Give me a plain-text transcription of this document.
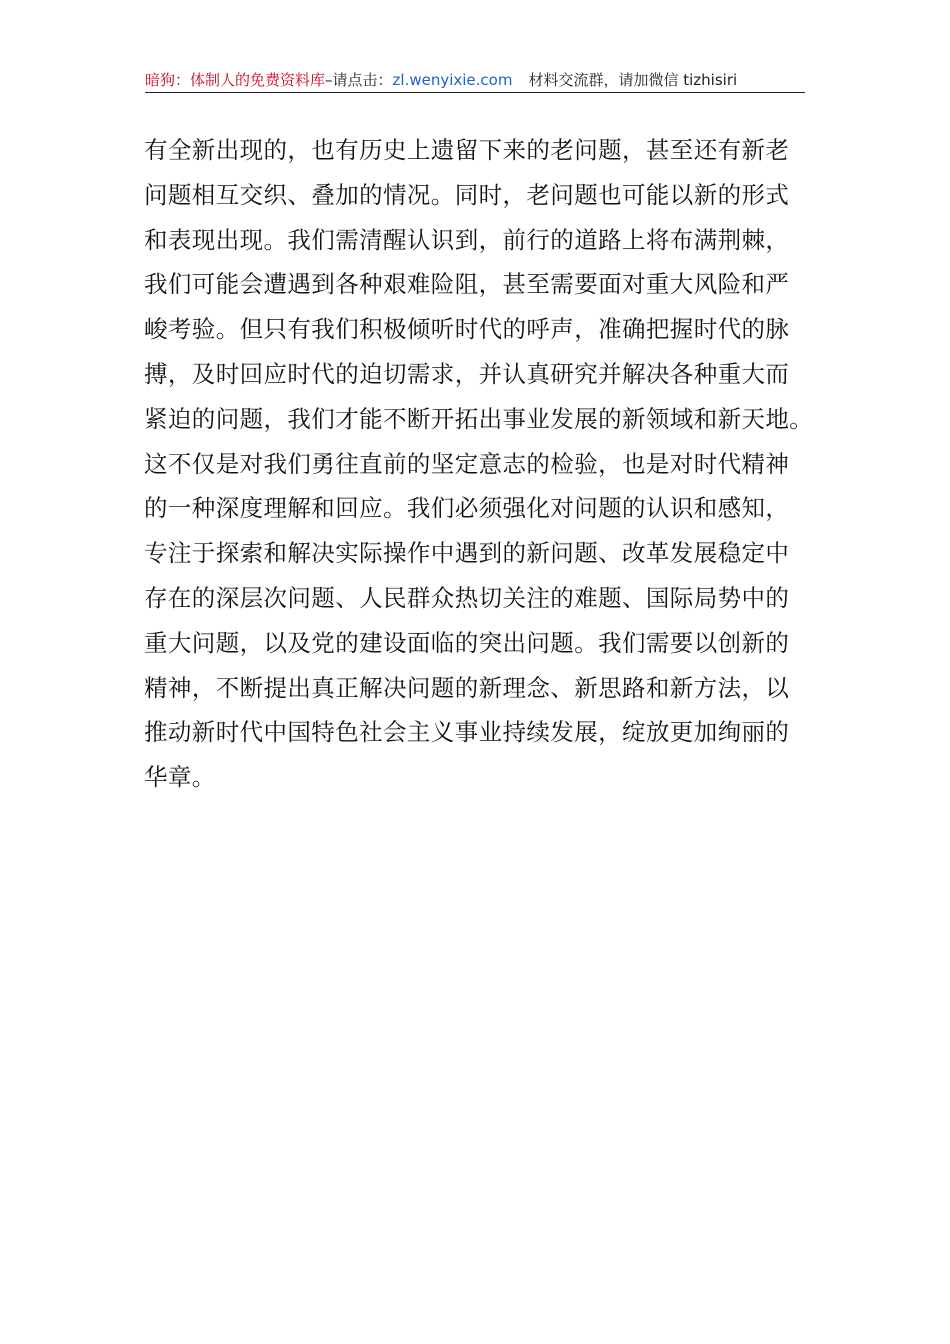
暗狗：体制人的免费资料库–请点击：zl.wenyixie.com 材料交流群，请加微信 tizhisiri
有全新出现的，也有历史上遗留下来的老问题，甚至还有新老
问题相互交织、叠加的情况。同时，老问题也可能以新的形式
和表现出现。我们需清醒认识到，前行的道路上将布满荆棘，
我们可能会遭遇到各种艰难险阻，甚至需要面对重大风险和严
峻考验。但只有我们积极倾听时代的呼声，准确把握时代的脉
搏，及时回应时代的迫切需求，并认真研究并解决各种重大而
紧迫的问题，我们才能不断开拓出事业发展的新领域和新天地。
这不仅是对我们勇往直前的坚定意志的检验，也是对时代精神
的一种深度理解和回应。我们必须强化对问题的认识和感知，
专注于探索和解决实际操作中遇到的新问题、改革发展稳定中
存在的深层次问题、人民群众热切关注的难题、国际局势中的
重大问题，以及党的建设面临的突出问题。我们需要以创新的
精神，不断提出真正解决问题的新理念、新思路和新方法，以
推动新时代中国特色社会主义事业持续发展，绽放更加绚丽的
华章。
